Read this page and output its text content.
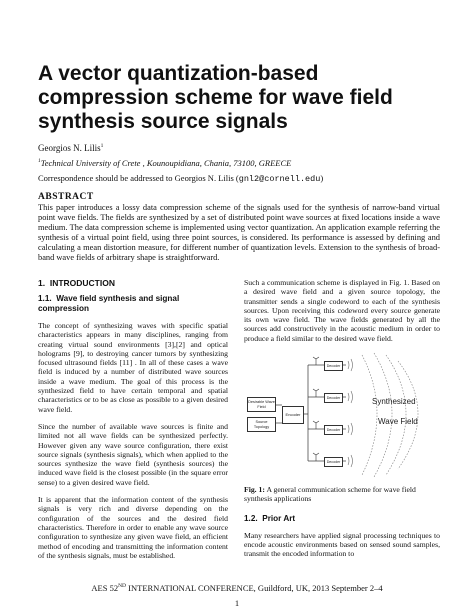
A vector quantization-based compression scheme for wave field synthesis source signals
Georgios N. Lilis$^1$
$^1$Technical University of Crete , Kounoupidiana, Chania, 73100, GREECE
Correspondence should be addressed to Georgios N. Lilis (gnl2@cornell.edu)
ABSTRACT

This paper introduces a lossy data compression scheme of the signals used for the synthesis of narrow-band virtual point wave fields. The fields are synthesized by a set of distributed point wave sources at fixed locations inside a wave medium. The data compression scheme is implemented using vector quantization. An application example referring the synthesis of a virtual point field, using three point sources, is considered. Its performance is assessed by defining and calculating a mean distortion measure, for different number of quantization levels. Extension to the synthesis of broad-band wave fields of arbitrary shape is straightforward.

1. INTRODUCTION
1.1. Wave field synthesis and signal compression

The concept of synthesizing waves with specific spatial characteristics appears in many disciplines, ranging from creating virtual sound environments [3],[2] and optical holograms [9], to destroying cancer tumors by synthesizing focused ultrasound fields [11] . In all of these cases a wave field is induced by a number of distributed wave sources inside a wave medium. The goal of this process is the synthesized field to have certain temporal and spatial characteristics or to be as close as possible to a given desired wave field.

Since the number of available wave sources is finite and limited not all wave fields can be synthesized perfectly. However given any wave source configuration, there exist source signals (synthesis signals), which when applied to the sources synthesize the wave field (synthesis sources) the induced wave field is the closest possible (in the square error sense) to a given desired wave field.

It is apparent that the information content of the synthesis signals is very rich and diverse depending on the configuration of the sources and the desired field characteristics. Therefore in order to enable any wave source configuration to synthesize any given wave field, an efficient method of encoding and transmitting the information content of the synthesis signals, must be established.

Such a communication scheme is displayed in Fig. 1. Based on a desired wave field and a given source topology, the transmitter sends a single codeword to each of the synthesis sources. Upon receiving this codeword every source generate its own wave field. The wave fields generated by all the sources add constructively in the acoustic medium in order to produce a field similar to the desired wave field.

Desirable Wave Field
Source Topology
Encoder
Decoder
Decoder
Decoder
Decoder
Synthesized
Wave Field
Fig. 1: A general communication scheme for wave field synthesis applications
1.2. Prior Art

Many researchers have applied signal processing techniques to encode acoustic environments based on sensed sound samples, transmit the encoded information to

AES 52ND INTERNATIONAL CONFERENCE, Guildford, UK, 2013 September 2–4
1
